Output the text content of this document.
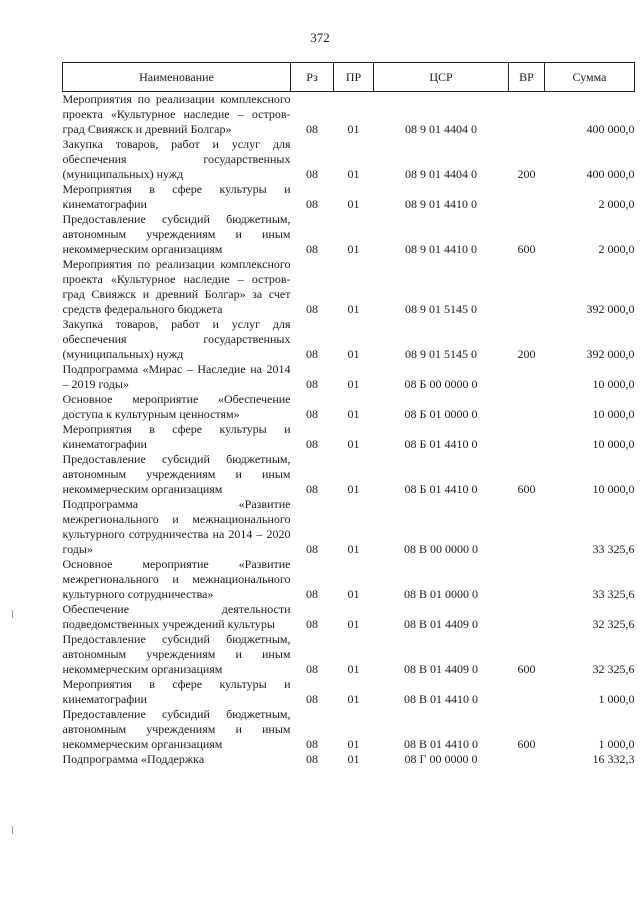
372
Наименование	Рз	ПР	ЦСР	ВР	Сумма
Мероприятия по реализации комплексного проекта «Культурное наследие – остров-град Свияжск и древний Болгар»	08	01	08 9 01 4404 0		400 000,0
Закупка товаров, работ и услуг для обеспечения государственных (муниципальных) нужд	08	01	08 9 01 4404 0	200	400 000,0
Мероприятия в сфере культуры и кинематографии	08	01	08 9 01 4410 0		2 000,0
Предоставление субсидий бюджетным, автономным учреждениям и иным некоммерческим организациям	08	01	08 9 01 4410 0	600	2 000,0
Мероприятия по реализации комплексного проекта «Культурное наследие – остров-град Свияжск и древний Болгар» за счет средств федерального бюджета	08	01	08 9 01 5145 0		392 000,0
Закупка товаров, работ и услуг для обеспечения государственных (муниципальных) нужд	08	01	08 9 01 5145 0	200	392 000,0
Подпрограмма «Мирас – Наследие на 2014 – 2019 годы»	08	01	08 Б 00 0000 0		10 000,0
Основное мероприятие «Обеспечение доступа к культурным ценностям»	08	01	08 Б 01 0000 0		10 000,0
Мероприятия в сфере культуры и кинематографии	08	01	08 Б 01 4410 0		10 000,0
Предоставление субсидий бюджетным, автономным учреждениям и иным некоммерческим организациям	08	01	08 Б 01 4410 0	600	10 000,0
Подпрограмма «Развитие межрегионального и межнационального культурного сотрудничества на 2014 – 2020 годы»	08	01	08 В 00 0000 0		33 325,6
Основное мероприятие «Развитие межрегионального и межнационального культурного сотрудничества»	08	01	08 В 01 0000 0		33 325,6
Обеспечение деятельности подведомственных учреждений культуры	08	01	08 В 01 4409 0		32 325,6
Предоставление субсидий бюджетным, автономным учреждениям и иным некоммерческим организациям	08	01	08 В 01 4409 0	600	32 325,6
Мероприятия в сфере культуры и кинематографии	08	01	08 В 01 4410 0		1 000,0
Предоставление субсидий бюджетным, автономным учреждениям и иным некоммерческим организациям	08	01	08 В 01 4410 0	600	1 000,0
Подпрограмма «Поддержка	08	01	08 Г 00 0000 0		16 332,3
